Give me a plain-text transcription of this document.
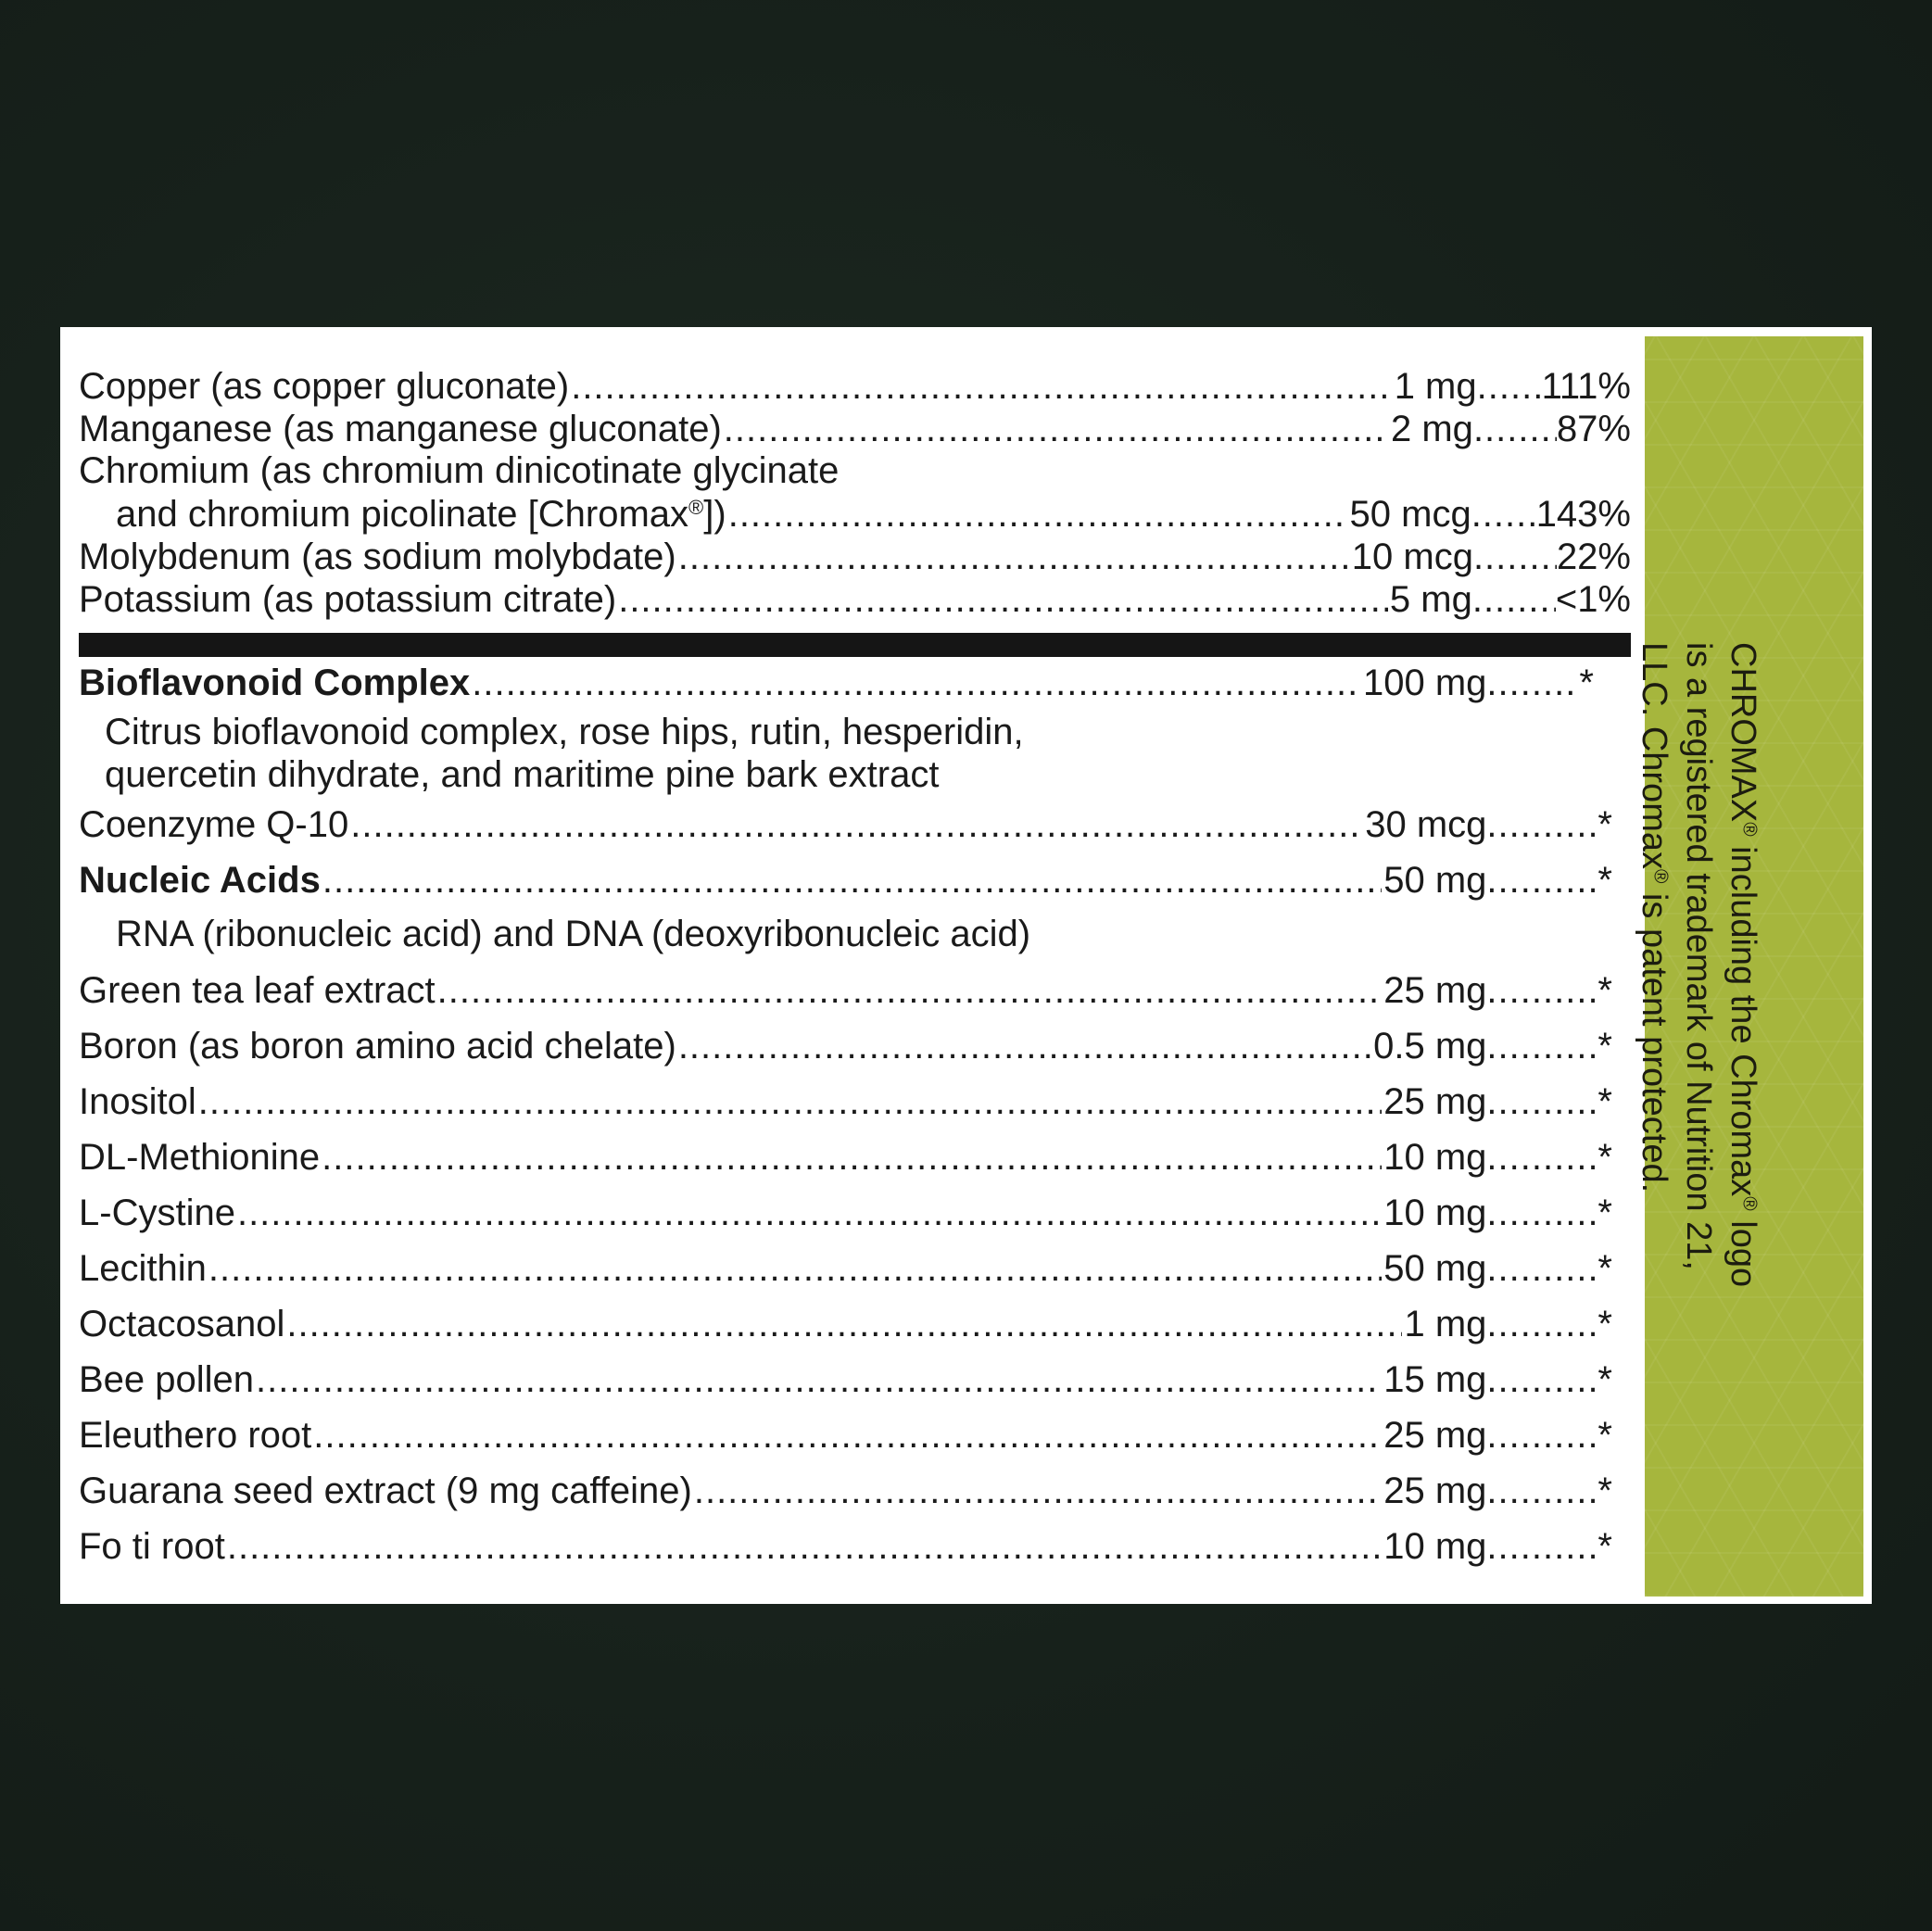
Copper (as copper gluconate) .....	1 mg ..... 111%
Manganese (as manganese gluconate) .....	2 mg ..... 87%
Chromium (as chromium dinicotinate glycinate
and chromium picolinate [Chromax®]) .....	50 mcg ..... 143%
Molybdenum (as sodium molybdate) .....	10 mcg ..... 22%
Potassium (as potassium citrate) .....	5 mg ..... <1%
Bioflavonoid Complex .....	100 mg .....	*
Citrus bioflavonoid complex, rose hips, rutin, hesperidin,
quercetin dihydrate, and maritime pine bark extract
Coenzyme Q-10 .....	30 mcg .....	*
Nucleic Acids .....	50 mg .....	*
RNA (ribonucleic acid) and DNA (deoxyribonucleic acid)
Green tea leaf extract .....	25 mg .....	*
Boron (as boron amino acid chelate) .....	0.5 mg .....	*
Inositol .....	25 mg .....	*
DL-Methionine .....	10 mg .....	*
L-Cystine .....	10 mg .....	*
Lecithin .....	50 mg .....	*
Octacosanol .....	1 mg .....	*
Bee pollen .....	15 mg .....	*
Eleuthero root .....	25 mg .....	*
Guarana seed extract (9 mg caffeine) .....	25 mg .....	*
Fo ti root .....	10 mg .....	*
CHROMAX® including the Chromax® logo
is a registered trademark of Nutrition 21,
LLC. Chromax® is patent protected.
